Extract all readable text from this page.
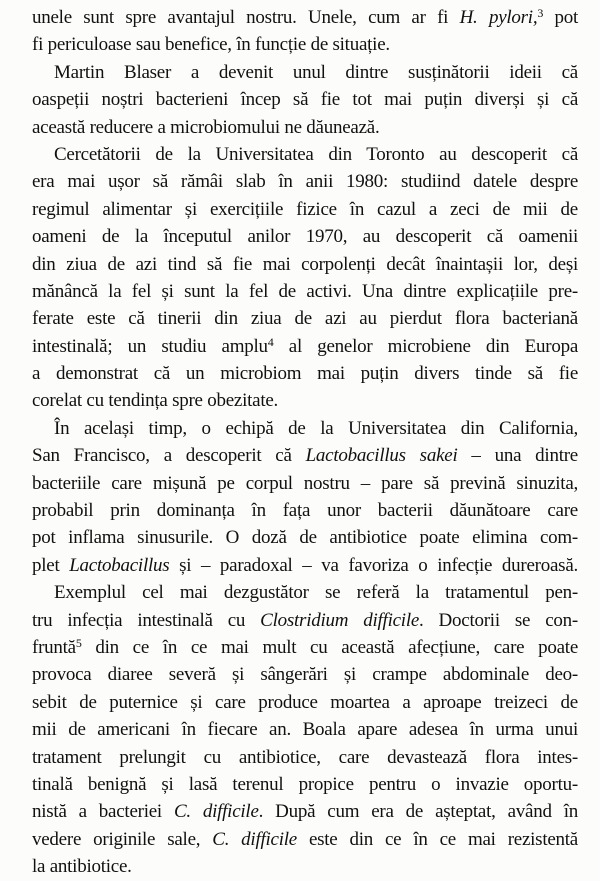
unele sunt spre avantajul nostru. Unele, cum ar fi H. pylori,$^3$ pot
fi periculoase sau benefice, în funcție de situație.
Martin Blaser a devenit unul dintre susținătorii ideii că
oaspeții noștri bacterieni încep să fie tot mai puțin diverși și că
această reducere a microbiomului ne dăunează.
Cercetătorii de la Universitatea din Toronto au descoperit că
era mai ușor să rămâi slab în anii 1980: studiind datele despre
regimul alimentar și exercițiile fizice în cazul a zeci de mii de
oameni de la începutul anilor 1970, au descoperit că oamenii
din ziua de azi tind să fie mai corpolenți decât înaintașii lor, deși
mănâncă la fel și sunt la fel de activi. Una dintre explicațiile pre-
ferate este că tinerii din ziua de azi au pierdut flora bacteriană
intestinală; un studiu amplu$^4$ al genelor microbiene din Europa
a demonstrat că un microbiom mai puțin divers tinde să fie
corelat cu tendința spre obezitate.
În același timp, o echipă de la Universitatea din California,
San Francisco, a descoperit că Lactobacillus sakei – una dintre
bacteriile care mișună pe corpul nostru – pare să prevină sinuzita,
probabil prin dominanța în fața unor bacterii dăunătoare care
pot inflama sinusurile. O doză de antibiotice poate elimina com-
plet Lactobacillus și – paradoxal – va favoriza o infecție dureroasă.
Exemplul cel mai dezgustător se referă la tratamentul pen-
tru infecția intestinală cu Clostridium difficile. Doctorii se con-
fruntă$^5$ din ce în ce mai mult cu această afecțiune, care poate
provoca diaree severă și sângerări și crampe abdominale deo-
sebit de puternice și care produce moartea a aproape treizeci de
mii de americani în fiecare an. Boala apare adesea în urma unui
tratament prelungit cu antibiotice, care devastează flora intes-
tinală benignă și lasă terenul propice pentru o invazie oportu-
nistă a bacteriei C. difficile. După cum era de așteptat, având în
vedere originile sale, C. difficile este din ce în ce mai rezistentă
la antibiotice.
